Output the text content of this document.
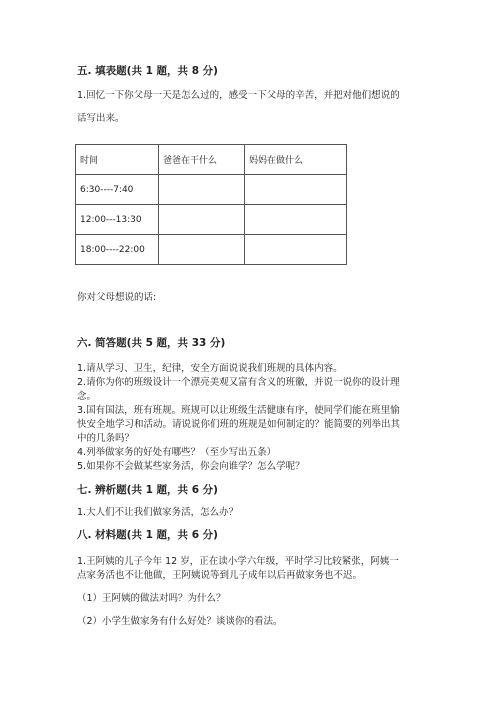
五. 填表题(共 1 题，共 8 分)
1.回忆一下你父母一天是怎么过的，感受一下父母的辛苦，并把对他们想说的
话写出来。
时间	爸爸在干什么	妈妈在做什么
6:30----7:40		
12:00---13:30		
18:00----22:00		
你对父母想说的话:
六. 简答题(共 5 题，共 33 分)
1.请从学习、卫生，纪律，安全方面说说我们班规的具体内容。
2.请你为你的班级设计一个漂亮美观又富有含义的班徽，并说一说你的设计理
念。
3.国有国法，班有班规。班规可以让班级生活健康有序，使同学们能在班里愉
快安全地学习和活动。请说说你们班的班规是如何制定的？能简要的列举出其
中的几条吗？
4.列举做家务的好处有哪些？（至少写出五条）
5.如果你不会做某些家务活，你会向谁学？怎么学呢？
七. 辨析题(共 1 题，共 6 分)
1.大人们不让我们做家务活，怎么办？
八. 材料题(共 1 题，共 6 分)
1.王阿姨的儿子今年 12 岁，正在读小学六年级，平时学习比较紧张，阿姨一
点家务活也不让他做，王阿姨说等到儿子成年以后再做家务也不迟。
（1）王阿姨的做法对吗？为什么？
（2）小学生做家务有什么好处？谈谈你的看法。
